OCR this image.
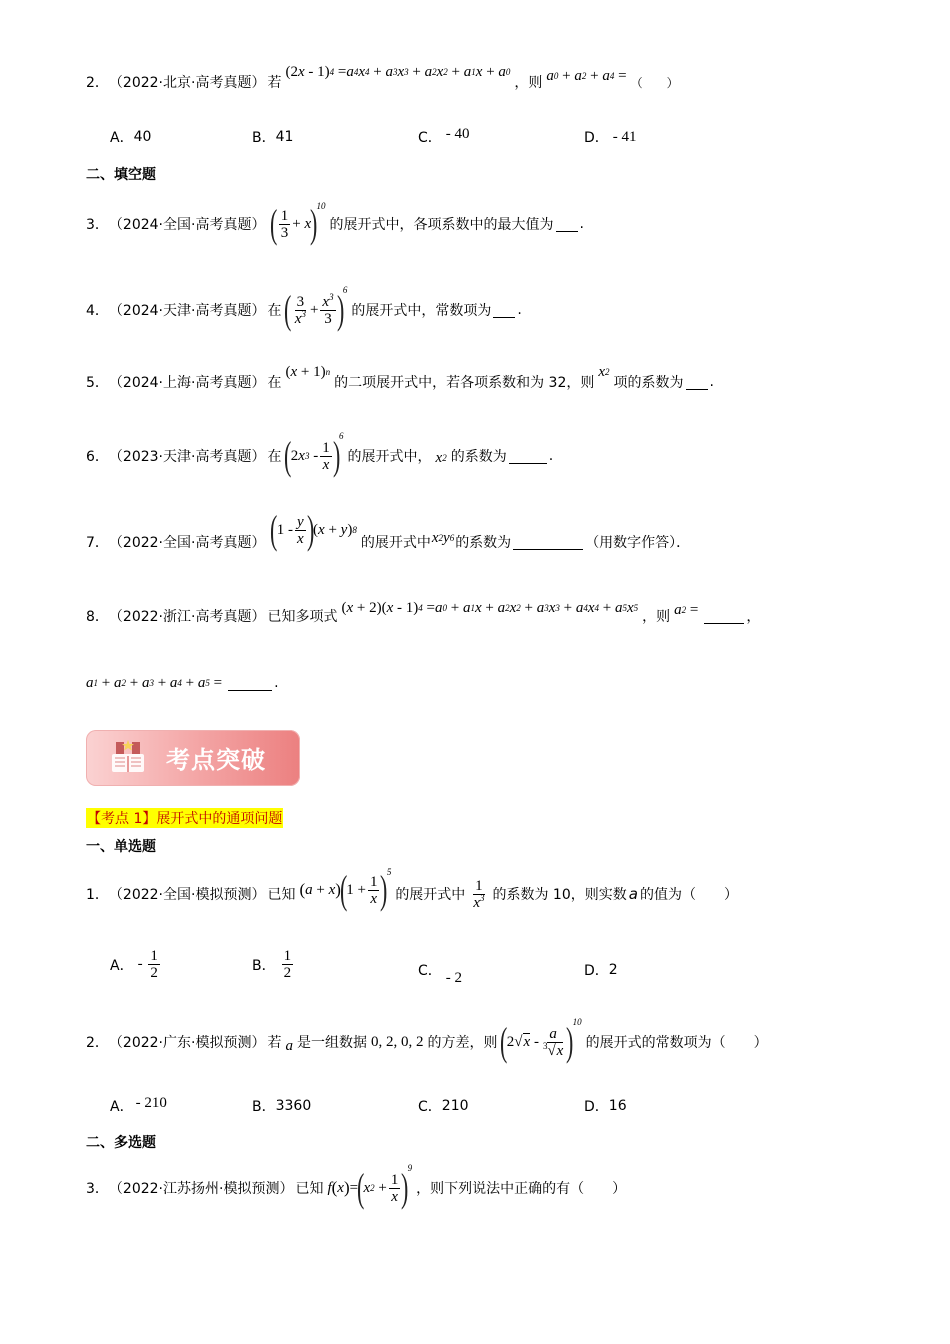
2． （2022·北京·高考真题） 若
(2 x - 1) 4
= a 4 x 4
+ a 3 x 3
+ a 2 x 2
+ a 1 x + a 0
，则 a 0
+ a 2
+ a 4
= （　　）
A． 40	B． 41	C． - 40	D． - 41
二、填空题
3． （2024·全国·高考真题） ( $\frac{1}{3} + x$
)
$^{10}$
的展开式中，各项系数中的最大值为 .
4． （2024·天津·高考真题） 在 ( $\frac{3}{x^3} + \frac{x^3}{3}$ )
$^6$
的展开式中，常数项为 .
5． （2024·上海·高考真题） 在
( x + 1) n
的二项展开式中，若各项系数和为 32，则
x 2
项的系数为 .
6． （2023·天津·高考真题） 在 (
2 x 3
- $\frac{1}{x}$ )
$^6$
的展开式中， x 2 的系数为	.
7． （2022·全国·高考真题） (
$1 - \frac{y}{x}$ )
( x + y ) 8
的展开式中 x 2 y 6 的系数为	（用数字作答）．
8． （2022·浙江·高考真题） 已知多项式
( x + 2)( x - 1) 4
= a 0
+ a 1 x + a 2 x 2
+ a 3 x 3
+ a 4 x 4
+ a 5 x 5
，则 a 2
=	，
a 1
+ a 2
+ a 3
+ a 4
+ a 5
=	.
考点突破
【考点 1】展开式中的通项问题
一、单选题
1． （2022·全国·模拟预测） 已知 ( a + x )
(
$1 + \frac{1}{x}$ )
$^5$
的展开式中 $\frac{1}{x^3}$ 的系数为 10，则实数 a 的值为（　　）
A． -
$\frac{1}{2}$	B． $\frac{1}{2}$	C． - 2	D． 2
2． （2022·广东·模拟预测） 若 a 是一组数据 0, 2, 0, 2 的方差，则 (
2 √ x
- $\frac{a}{^3√x}$ )
$^{10}$
的展开式的常数项为（　　）
A． - 210	B． 3360	C． 210	D． 16
二、多选题
3． （2022·江苏扬州·模拟预测） 已知 f ( x ) =
(
x 2
+ $\frac{1}{x}$ )
$^9$
，则下列说法中正确的有（　　）
